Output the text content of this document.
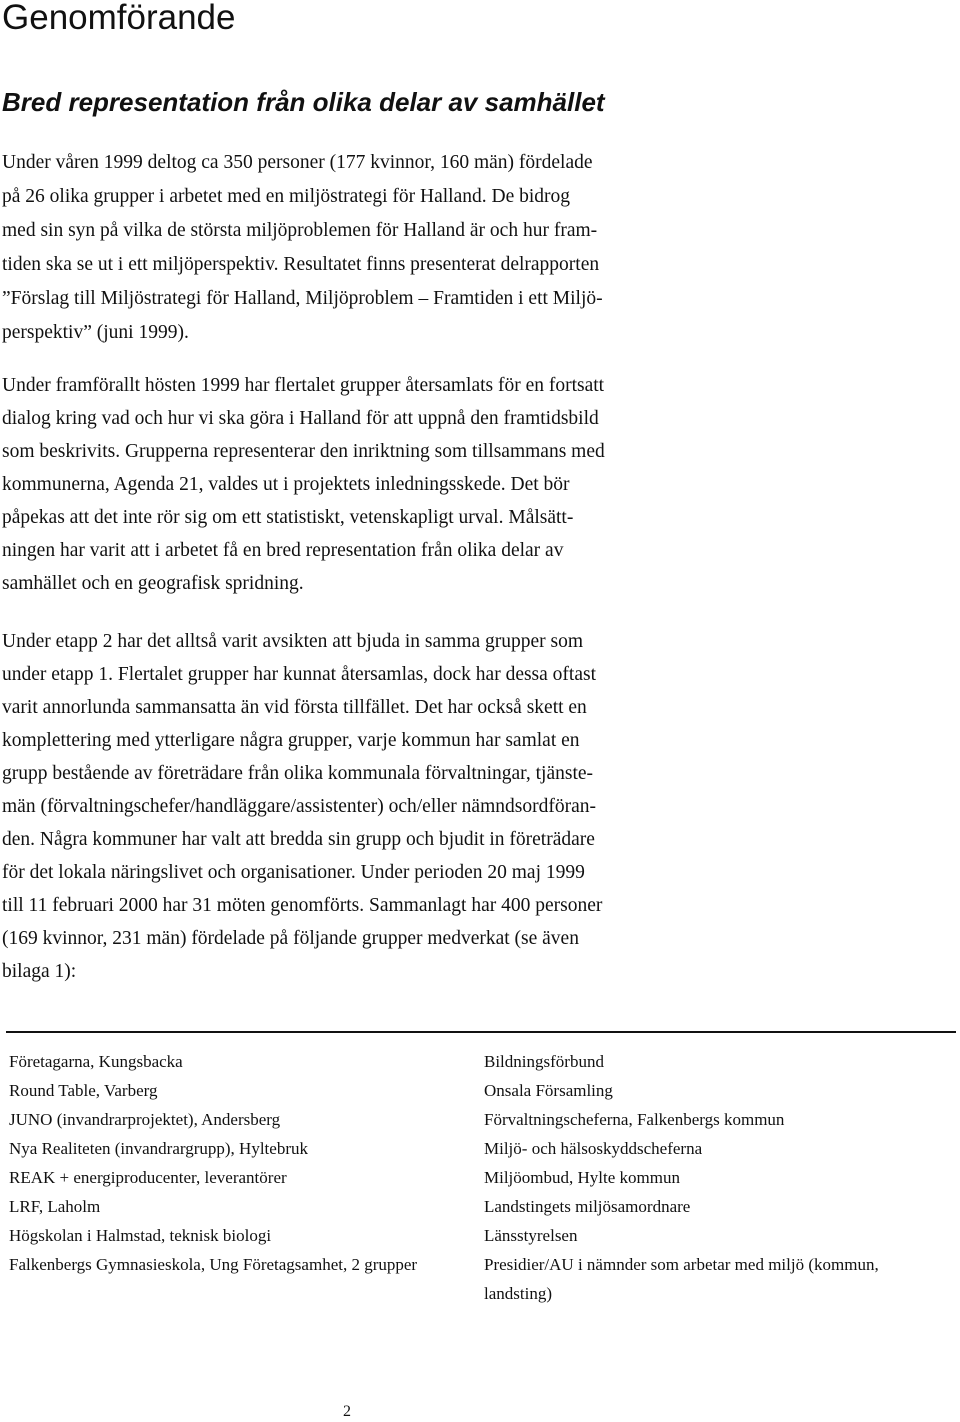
Genomförande
Bred representation från olika delar av samhället

Under våren 1999 deltog ca 350 personer (177 kvinnor, 160 män) fördelade
på 26 olika grupper i arbetet med en miljöstrategi för Halland. De bidrog
med sin syn på vilka de största miljöproblemen för Halland är och hur fram-
tiden ska se ut i ett miljöperspektiv. Resultatet finns presenterat delrapporten
”Förslag till Miljöstrategi för Halland, Miljöproblem – Framtiden i ett Miljö-
perspektiv” (juni 1999).

Under framförallt hösten 1999 har flertalet grupper återsamlats för en fortsatt
dialog kring vad och hur vi ska göra i Halland för att uppnå den framtidsbild
som beskrivits. Grupperna representerar den inriktning som tillsammans med
kommunerna, Agenda 21, valdes ut i projektets inledningsskede. Det bör
påpekas att det inte rör sig om ett statistiskt, vetenskapligt urval. Målsätt-
ningen har varit att i arbetet få en bred representation från olika delar av
samhället och en geografisk spridning.

Under etapp 2 har det alltså varit avsikten att bjuda in samma grupper som
under etapp 1. Flertalet grupper har kunnat återsamlas, dock har dessa oftast
varit annorlunda sammansatta än vid första tillfället. Det har också skett en
komplettering med ytterligare några grupper, varje kommun har samlat en
grupp bestående av företrädare från olika kommunala förvaltningar, tjänste-
män (förvaltningschefer/handläggare/assistenter) och/eller nämndsordföran-
den. Några kommuner har valt att bredda sin grupp och bjudit in företrädare
för det lokala näringslivet och organisationer. Under perioden 20 maj 1999
till 11 februari 2000 har 31 möten genomförts. Sammanlagt har 400 personer
(169 kvinnor, 231 män) fördelade på följande grupper medverkat (se även
bilaga 1):

Företagarna, Kungsbacka
Round Table, Varberg
JUNO (invandrarprojektet), Andersberg
Nya Realiteten (invandrargrupp), Hyltebruk
REAK + energiproducenter, leverantörer
LRF, Laholm
Högskolan i Halmstad, teknisk biologi
Falkenbergs Gymnasieskola, Ung Företagsamhet, 2 grupper
Bildningsförbund
Onsala Församling
Förvaltningscheferna, Falkenbergs kommun
Miljö- och hälsoskyddscheferna
Miljöombud, Hylte kommun
Landstingets miljösamordnare
Länsstyrelsen
Presidier/AU i nämnder som arbetar med miljö (kommun,
landsting)
2
